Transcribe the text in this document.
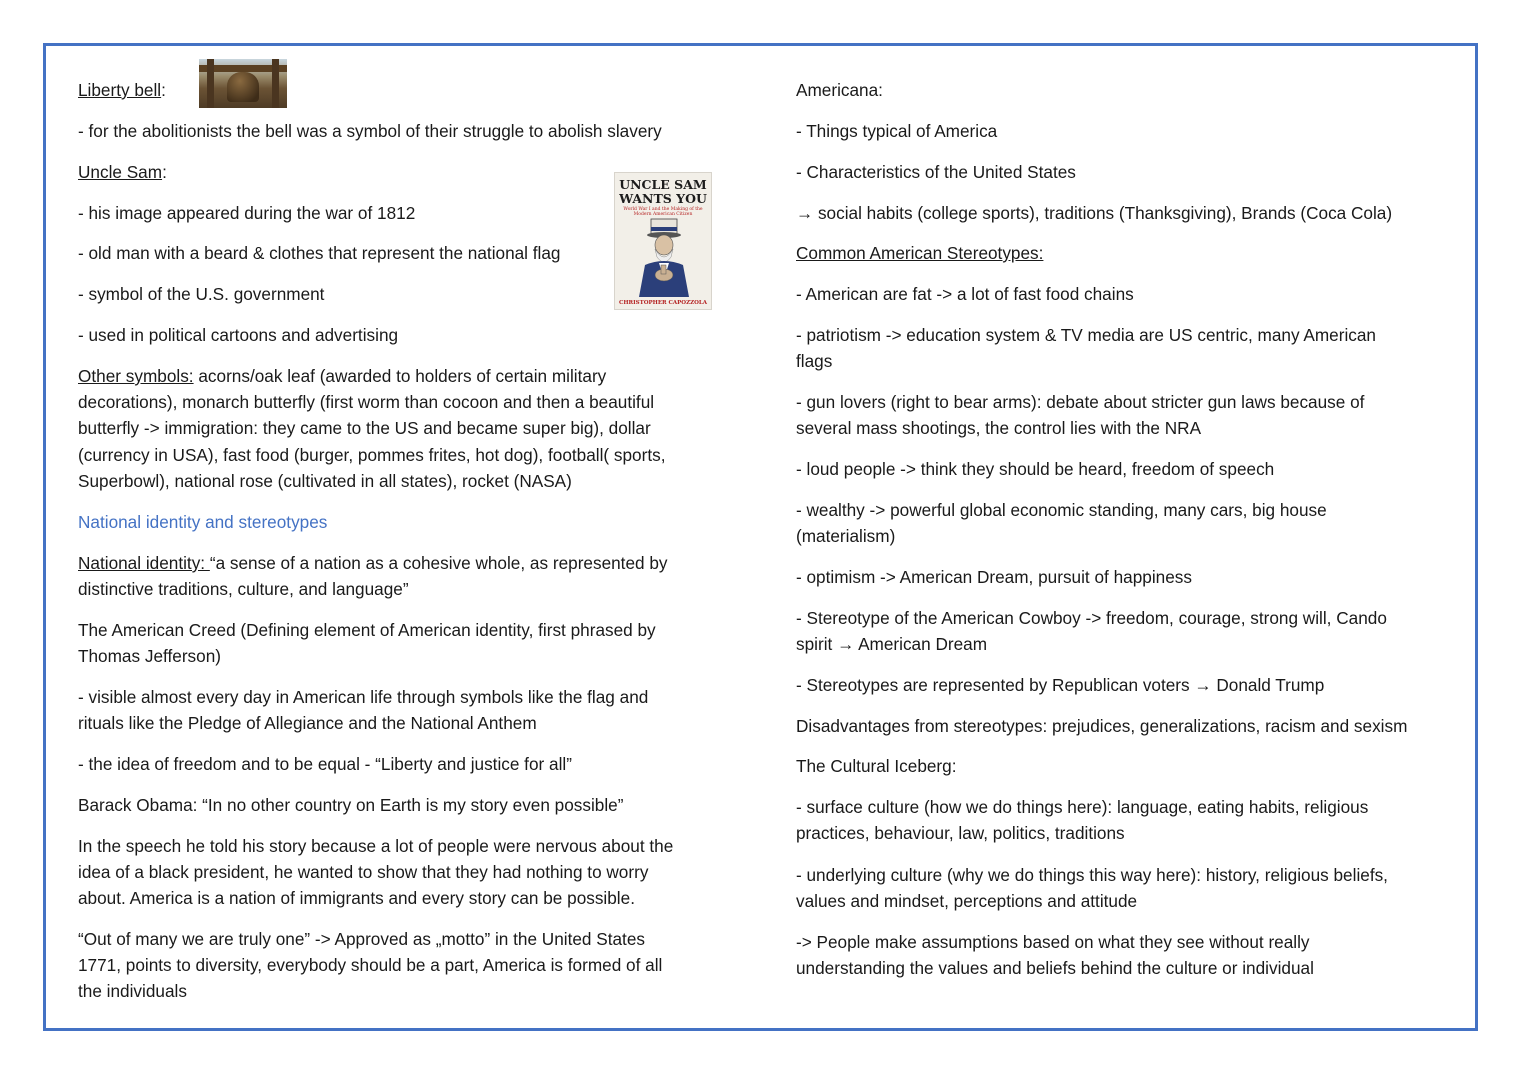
Liberty bell:

- for the abolitionists the bell was a symbol of their struggle to abolish slavery

Uncle Sam:

- his image appeared during the war of 1812

- old man with a beard & clothes that represent the national flag

- symbol of the U.S. government

- used in political cartoons and advertising

Other symbols: acorns/oak leaf (awarded to holders of certain military

decorations), monarch butterfly (first worm than cocoon and then a beautiful

butterfly -> immigration: they came to the US and became super big), dollar

(currency in USA), fast food (burger, pommes frites, hot dog), football( sports,

Superbowl), national rose (cultivated in all states), rocket (NASA)

National identity and stereotypes

National identity: “a sense of a nation as a cohesive whole, as represented by

distinctive traditions, culture, and language”

The American Creed (Defining element of American identity, first phrased by

Thomas Jefferson)

- visible almost every day in American life through symbols like the flag and

rituals like the Pledge of Allegiance and the National Anthem

- the idea of freedom and to be equal - “Liberty and justice for all”

Barack Obama: “In no other country on Earth is my story even possible”

In the speech he told his story because a lot of people were nervous about the

idea of a black president, he wanted to show that they had nothing to worry

about. America is a nation of immigrants and every story can be possible.

“Out of many we are truly one” -> Approved as „motto” in the United States

1771, points to diversity, everybody should be a part, America is formed of all

the individuals

UNCLE SAM
WANTS YOU
World War I and the Making of the Modern American Citizen
CHRISTOPHER CAPOZZOLA

Americana:

- Things typical of America

- Characteristics of the United States

→ social habits (college sports), traditions (Thanksgiving), Brands (Coca Cola)

Common American Stereotypes:

- American are fat -> a lot of fast food chains

- patriotism -> education system & TV media are US centric, many American

flags

- gun lovers (right to bear arms): debate about stricter gun laws because of

several mass shootings, the control lies with the NRA

- loud people -> think they should be heard, freedom of speech

- wealthy -> powerful global economic standing, many cars, big house

(materialism)

- optimism -> American Dream, pursuit of happiness

- Stereotype of the American Cowboy -> freedom, courage, strong will, Cando

spirit → American Dream

- Stereotypes are represented by Republican voters → Donald Trump

Disadvantages from stereotypes: prejudices, generalizations, racism and sexism

The Cultural Iceberg:

- surface culture (how we do things here): language, eating habits, religious

practices, behaviour, law, politics, traditions

- underlying culture (why we do things this way here): history, religious beliefs,

values and mindset, perceptions and attitude

-> People make assumptions based on what they see without really

understanding the values and beliefs behind the culture or individual
